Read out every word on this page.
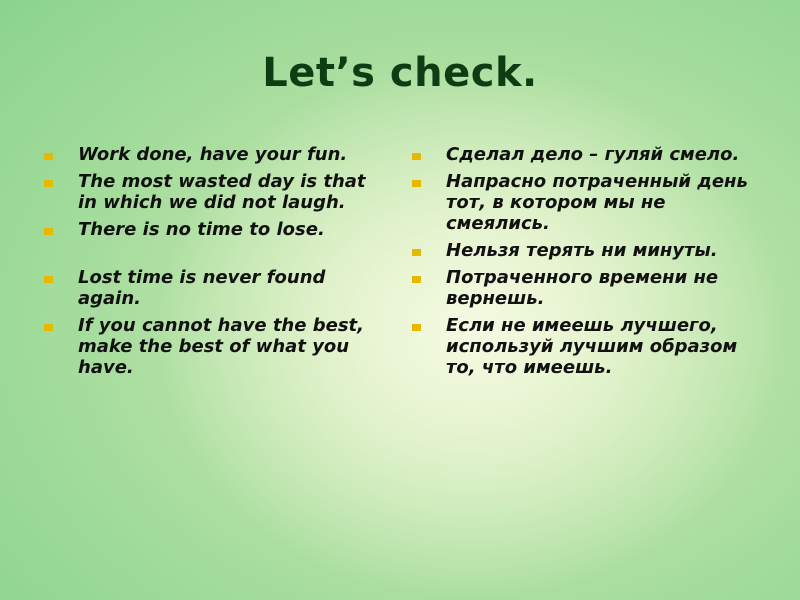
Let’s check.
Work done, have your fun.
The most wasted day is that in which we did not laugh.
There is no time to lose.
Lost time is never found again.
If you cannot have the best, make the best of what you have.
Сделал дело – гуляй смело.
Напрасно потраченный день тот, в котором мы не смеялись.
Нельзя терять ни минуты.
Потраченного времени не вернешь.
Если не имеешь лучшего, используй лучшим образом то, что имеешь.
